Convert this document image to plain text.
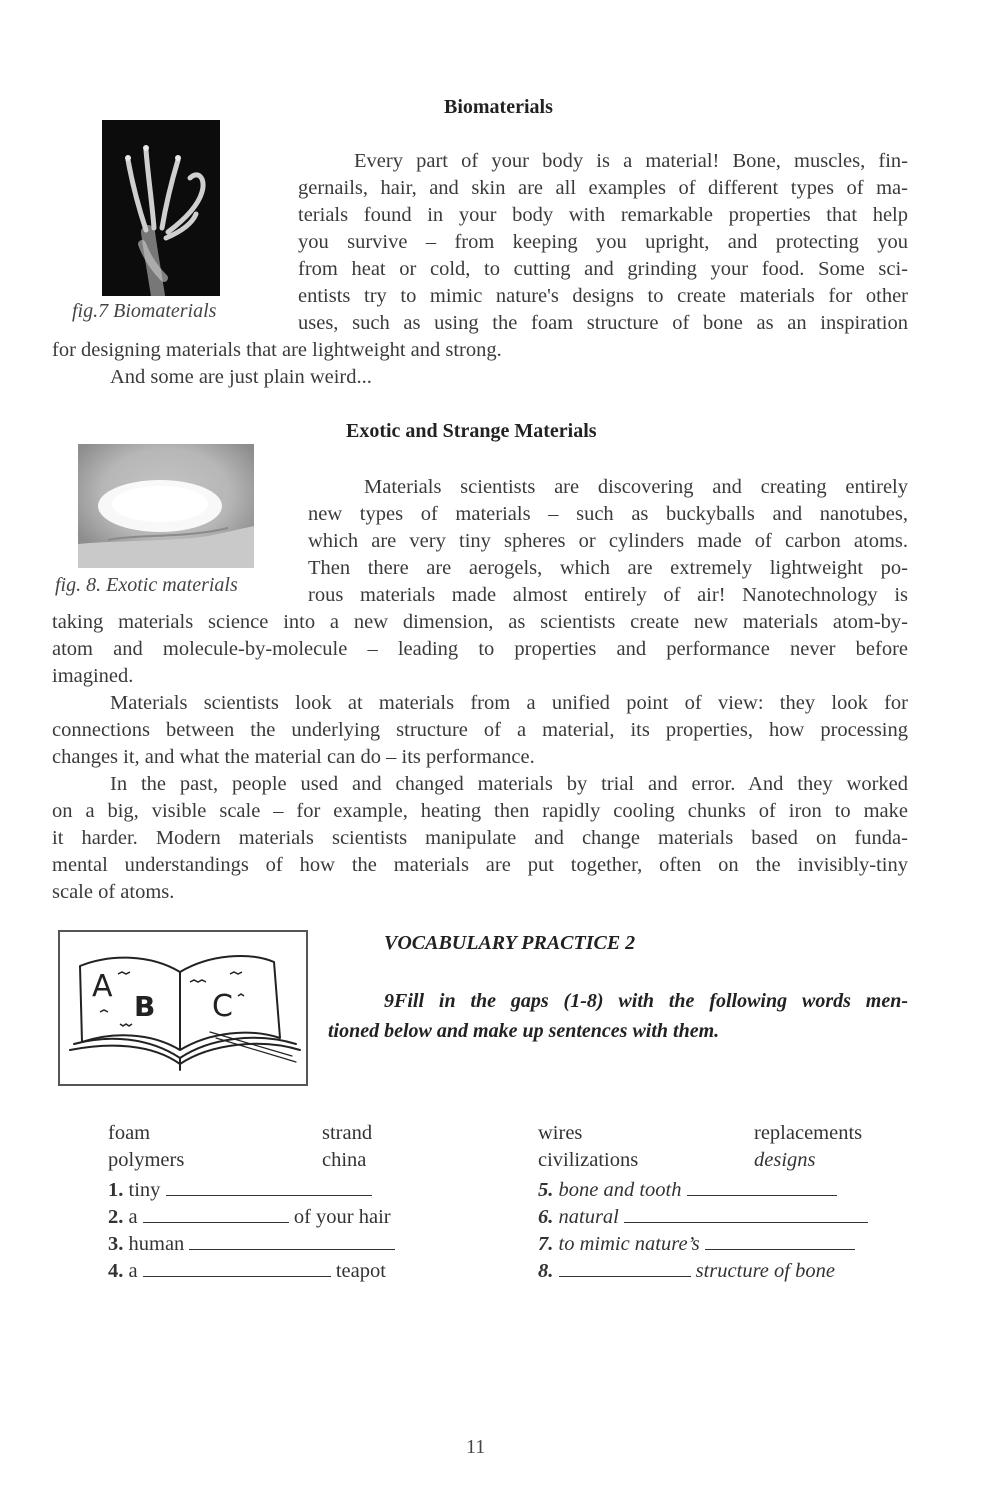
Biomaterials
fig.7 Biomaterials
Every part of your body is a material! Bone, muscles, fin-
gernails, hair, and skin are all examples of different types of ma-
terials found in your body with remarkable properties that help
you survive – from keeping you upright, and protecting you
from heat or cold, to cutting and grinding your food. Some sci-
entists try to mimic nature's designs to create materials for other
uses, such as using the foam structure of bone as an inspiration
for designing materials that are lightweight and strong.
And some are just plain weird...
Exotic and Strange Materials
fig. 8. Exotic materials
Materials scientists are discovering and creating entirely
new types of materials – such as buckyballs and nanotubes,
which are very tiny spheres or cylinders made of carbon atoms.
Then there are aerogels, which are extremely lightweight po-
rous materials made almost entirely of air! Nanotechnology is
taking materials science into a new dimension, as scientists create new materials atom-by-
atom and molecule-by-molecule – leading to properties and performance never before
imagined.
Materials scientists look at materials from a unified point of view: they look for
connections between the underlying structure of a material, its properties, how processing
changes it, and what the material can do – its performance.
In the past, people used and changed materials by trial and error. And they worked
on a big, visible scale – for example, heating then rapidly cooling chunks of iron to make
it harder. Modern materials scientists manipulate and change materials based on funda-
mental understandings of how the materials are put together, often on the invisibly-tiny
scale of atoms.
A
B C
VOCABULARY PRACTICE 2
9Fill in the gaps (1-8) with the following words men-
tioned below and make up sentences with them.
foam	strand	wires	replacements
polymers	china	civilizations	designs
1. tiny
2. a	of your hair
3. human
4. a	teapot
5. bone and tooth
6. natural
7. to mimic nature’s
8.	structure of bone
11
